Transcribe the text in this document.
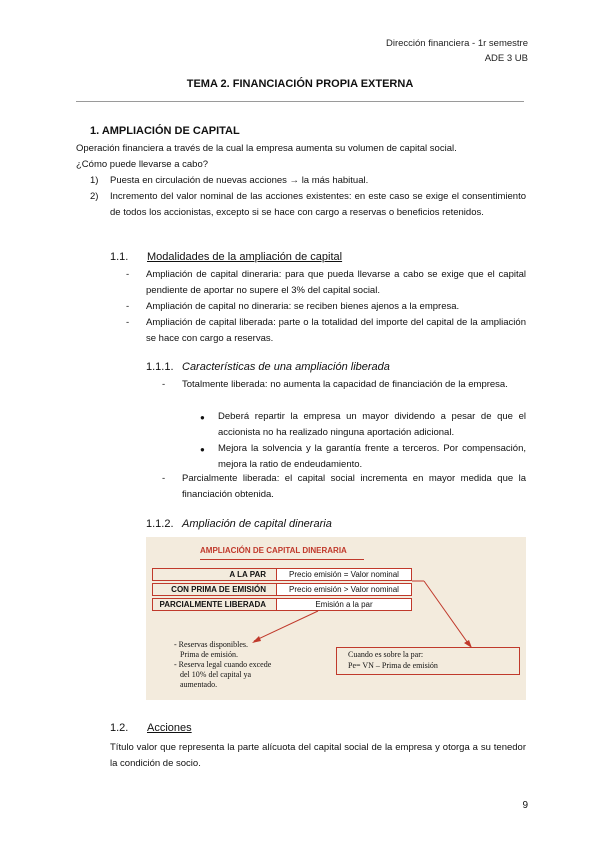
Dirección financiera - 1r semestre
ADE 3 UB
TEMA 2. FINANCIACIÓN PROPIA EXTERNA
1. AMPLIACIÓN DE CAPITAL
Operación financiera a través de la cual la empresa aumenta su volumen de capital social.
¿Cómo puede llevarse a cabo?
1) Puesta en circulación de nuevas acciones → la más habitual.
2) Incremento del valor nominal de las acciones existentes: en este caso se exige el consentimiento de todos los accionistas, excepto si se hace con cargo a reservas o beneficios retenidos.
1.1. Modalidades de la ampliación de capital
- Ampliación de capital dineraria: para que pueda llevarse a cabo se exige que el capital pendiente de aportar no supere el 3% del capital social.
- Ampliación de capital no dineraria: se reciben bienes ajenos a la empresa.
- Ampliación de capital liberada: parte o la totalidad del importe del capital de la ampliación se hace con cargo a reservas.
1.1.1. Características de una ampliación liberada
- Totalmente liberada: no aumenta la capacidad de financiación de la empresa.
● Deberá repartir la empresa un mayor dividendo a pesar de que el accionista no ha realizado ninguna aportación adicional.
● Mejora la solvencia y la garantía frente a terceros. Por compensación, mejora la ratio de endeudamiento.
- Parcialmente liberada: el capital social incrementa en mayor medida que la financiación obtenida.
1.1.2. Ampliación de capital dineraria
AMPLIACIÓN DE CAPITAL DINERARIA
A LA PAR	Precio emisión = Valor nominal
CON PRIMA DE EMISIÓN	Precio emisión > Valor nominal
PARCIALMENTE LIBERADA	Emisión a la par
- Reservas disponibles.
Prima de emisión.
- Reserva legal cuando excede
del 10% del capital ya
aumentado.
Cuando es sobre la par:
Pe= VN – Prima de emisión
1.2. Acciones
Título valor que representa la parte alícuota del capital social de la empresa y otorga a su tenedor la condición de socio.
9
